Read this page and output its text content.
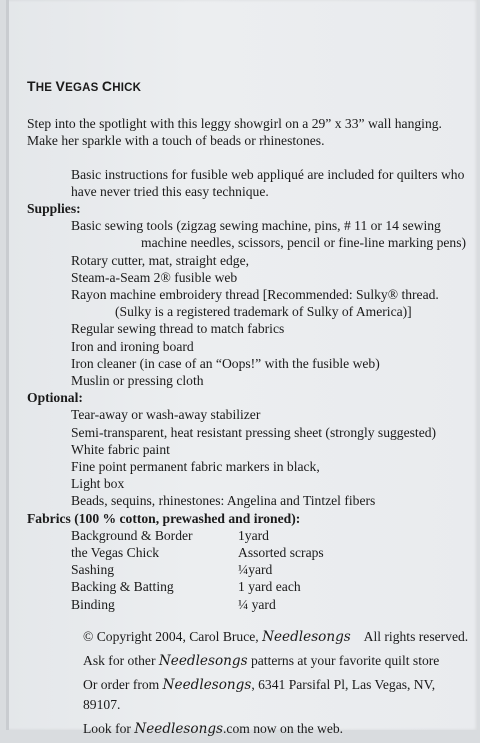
THE VEGAS CHICK

Step into the spotlight with this leggy showgirl on a 29” x 33” wall hanging. Make her sparkle with a touch of beads or rhinestones.

Basic instructions for fusible web appliqué are included for quilters who have never tried this easy technique.

Supplies:

Basic sewing tools (zigzag sewing machine, pins, # 11 or 14 sewing
machine needles, scissors, pencil or fine-line marking pens)
Rotary cutter, mat, straight edge,
Steam-a-Seam 2® fusible web
Rayon machine embroidery thread [Recommended: Sulky® thread.
(Sulky is a registered trademark of Sulky of America)]
Regular sewing thread to match fabrics
Iron and ironing board
Iron cleaner (in case of an “Oops!” with the fusible web)
Muslin or pressing cloth

Optional:

Tear-away or wash-away stabilizer
Semi-transparent, heat resistant pressing sheet (strongly suggested)
White fabric paint
Fine point permanent fabric markers in black,
Light box
Beads, sequins, rhinestones: Angelina and Tintzel fibers

Fabrics (100 % cotton, prewashed and ironed):

Background & Border	1yard
the Vegas Chick	Assorted scraps
Sashing	¼yard
Backing & Batting	1 yard each
Binding	¼ yard

© Copyright 2004, Carol Bruce, Needlesongs    All rights reserved.

Ask for other Needlesongs patterns at your favorite quilt store

Or order from Needlesongs, 6341 Parsifal Pl, Las Vegas, NV, 89107.

Look for Needlesongs.com now on the web.
